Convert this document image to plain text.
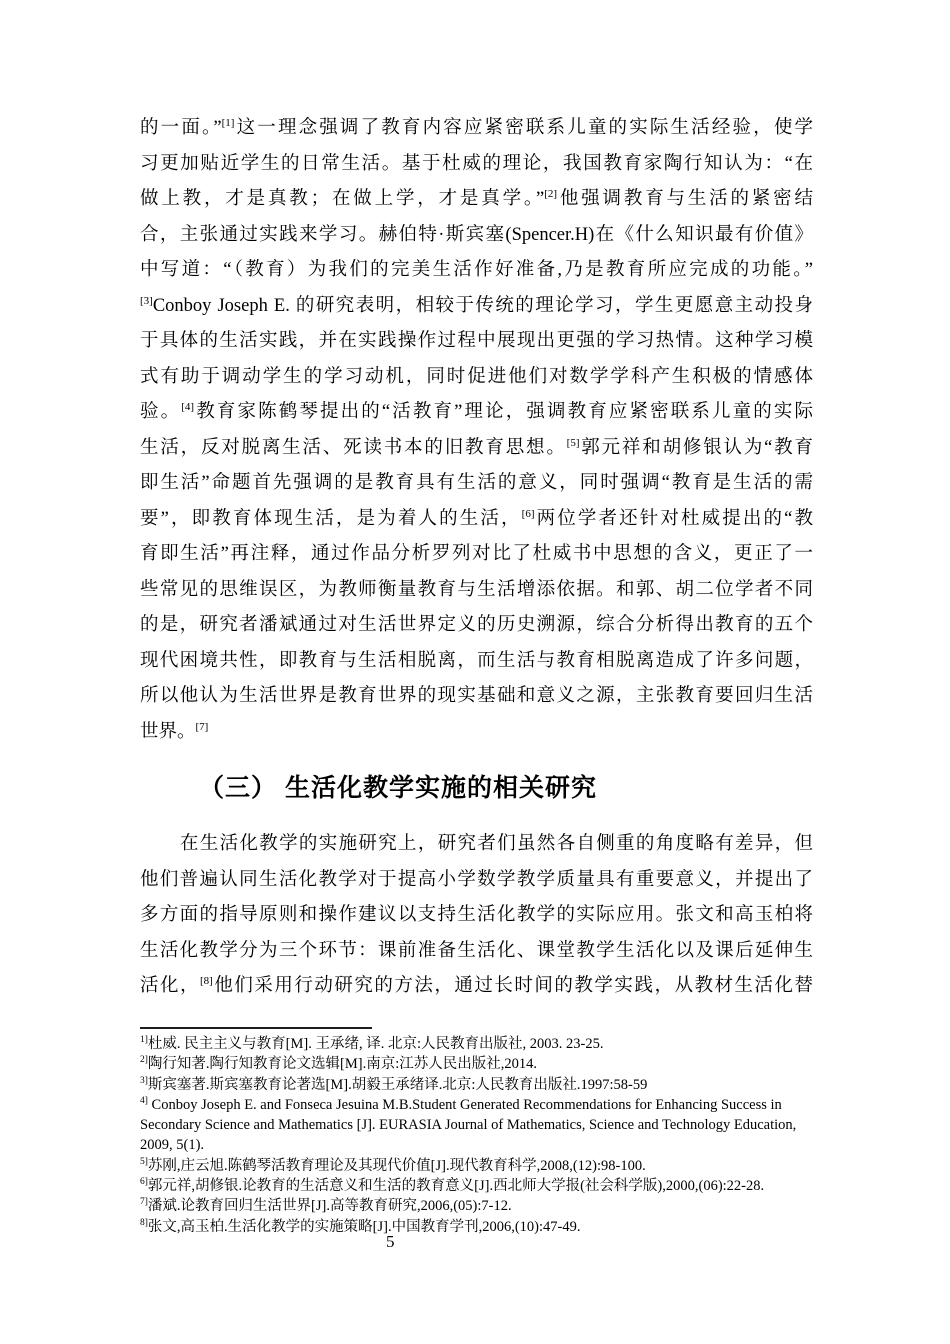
的一面。”[1]这一理念强调了教育内容应紧密联系儿童的实际生活经验，使学
习更加贴近学生的日常生活。基于杜威的理论，我国教育家陶行知认为：“在
做上教，才是真教；在做上学，才是真学。”[2]他强调教育与生活的紧密结
合，主张通过实践来学习。赫伯特·斯宾塞(Spencer.H)在《什么知识最有价值》
中写道：“（教育）为我们的完美生活作好准备,乃是教育所应完成的功能。”
[3]Conboy Joseph E. 的研究表明，相较于传统的理论学习，学生更愿意主动投身
于具体的生活实践，并在实践操作过程中展现出更强的学习热情。这种学习模
式有助于调动学生的学习动机，同时促进他们对数学学科产生积极的情感体
验。[4]教育家陈鹤琴提出的“活教育”理论，强调教育应紧密联系儿童的实际
生活，反对脱离生活、死读书本的旧教育思想。[5]郭元祥和胡修银认为“教育
即生活”命题首先强调的是教育具有生活的意义，同时强调“教育是生活的需
要”，即教育体现生活，是为着人的生活，[6]两位学者还针对杜威提出的“教
育即生活”再注释，通过作品分析罗列对比了杜威书中思想的含义，更正了一
些常见的思维误区，为教师衡量教育与生活增添依据。和郭、胡二位学者不同
的是，研究者潘斌通过对生活世界定义的历史溯源，综合分析得出教育的五个
现代困境共性，即教育与生活相脱离，而生活与教育相脱离造成了许多问题，
所以他认为生活世界是教育世界的现实基础和意义之源，主张教育要回归生活
世界。[7]
（三） 生活化教学实施的相关研究
在生活化教学的实施研究上，研究者们虽然各自侧重的角度略有差异，但
他们普遍认同生活化教学对于提高小学数学教学质量具有重要意义，并提出了
多方面的指导原则和操作建议以支持生活化教学的实际应用。张文和高玉柏将
生活化教学分为三个环节：课前准备生活化、课堂教学生活化以及课后延伸生
活化，[8]他们采用行动研究的方法，通过长时间的教学实践，从教材生活化替
$^{1]}$杜威. 民主主义与教育[M]. 王承绪, 译. 北京:人民教育出版社, 2003. 23-25.
$^{2]}$陶行知著.陶行知教育论文选辑[M].南京:江苏人民出版社,2014.
$^{3]}$斯宾塞著.斯宾塞教育论著选[M].胡毅王承绪译.北京:人民教育出版社.1997:58-59
$^{4]}$ Conboy Joseph E. and Fonseca Jesuina M.B.Student Generated Recommendations for Enhancing Success in
Secondary Science and Mathematics [J]. EURASIA Journal of Mathematics, Science and Technology Education,
2009, 5(1).
$^{5]}$苏刚,庄云旭.陈鹤琴活教育理论及其现代价值[J].现代教育科学,2008,(12):98-100.
$^{6]}$郭元祥,胡修银.论教育的生活意义和生活的教育意义[J].西北师大学报(社会科学版),2000,(06):22-28.
$^{7]}$潘斌.论教育回归生活世界[J].高等教育研究,2006,(05):7-12.
$^{8]}$张文,高玉柏.生活化教学的实施策略[J].中国教育学刊,2006,(10):47-49.
5
